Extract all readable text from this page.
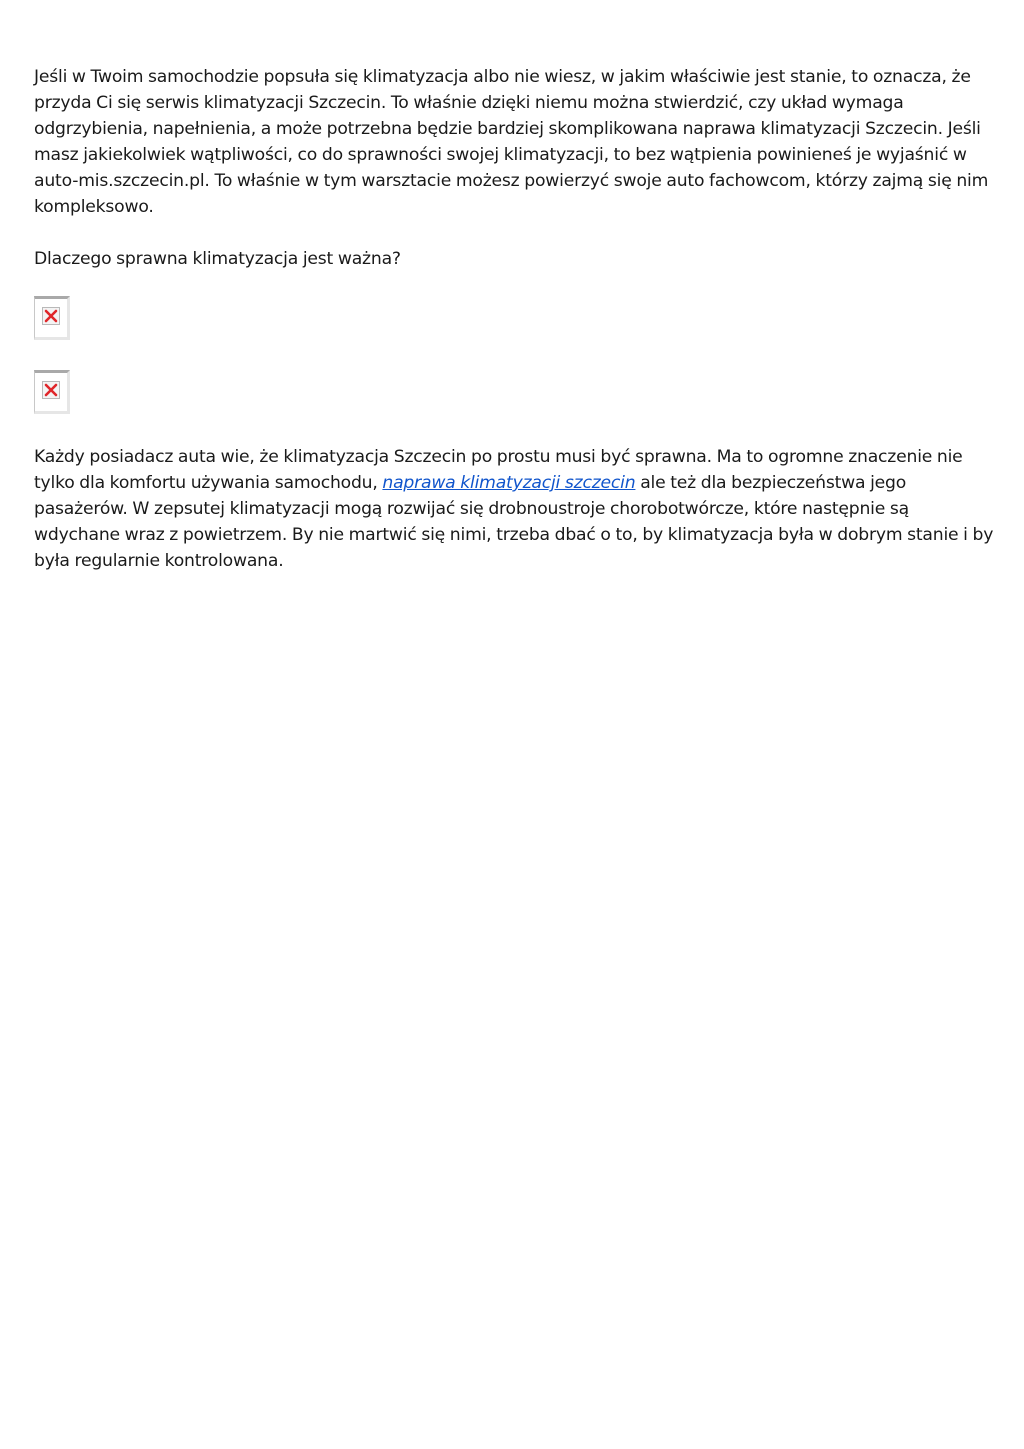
Jeśli w Twoim samochodzie popsuła się klimatyzacja albo nie wiesz, w jakim właściwie jest stanie, to oznacza, że przyda Ci się serwis klimatyzacji Szczecin. To właśnie dzięki niemu można stwierdzić, czy układ wymaga odgrzybienia, napełnienia, a może potrzebna będzie bardziej skomplikowana naprawa klimatyzacji Szczecin. Jeśli masz jakiekolwiek wątpliwości, co do sprawności swojej klimatyzacji, to bez wątpienia powinieneś je wyjaśnić w auto-mis.szczecin.pl. To właśnie w tym warsztacie możesz powierzyć swoje auto fachowcom, którzy zajmą się nim kompleksowo.

Dlaczego sprawna klimatyzacja jest ważna?

Każdy posiadacz auta wie, że klimatyzacja Szczecin po prostu musi być sprawna. Ma to ogromne znaczenie nie tylko dla komfortu używania samochodu, naprawa klimatyzacji szczecin ale też dla bezpieczeństwa jego pasażerów. W zepsutej klimatyzacji mogą rozwijać się drobnoustroje chorobotwórcze, które następnie są wdychane wraz z powietrzem. By nie martwić się nimi, trzeba dbać o to, by klimatyzacja była w dobrym stanie i by była regularnie kontrolowana.
